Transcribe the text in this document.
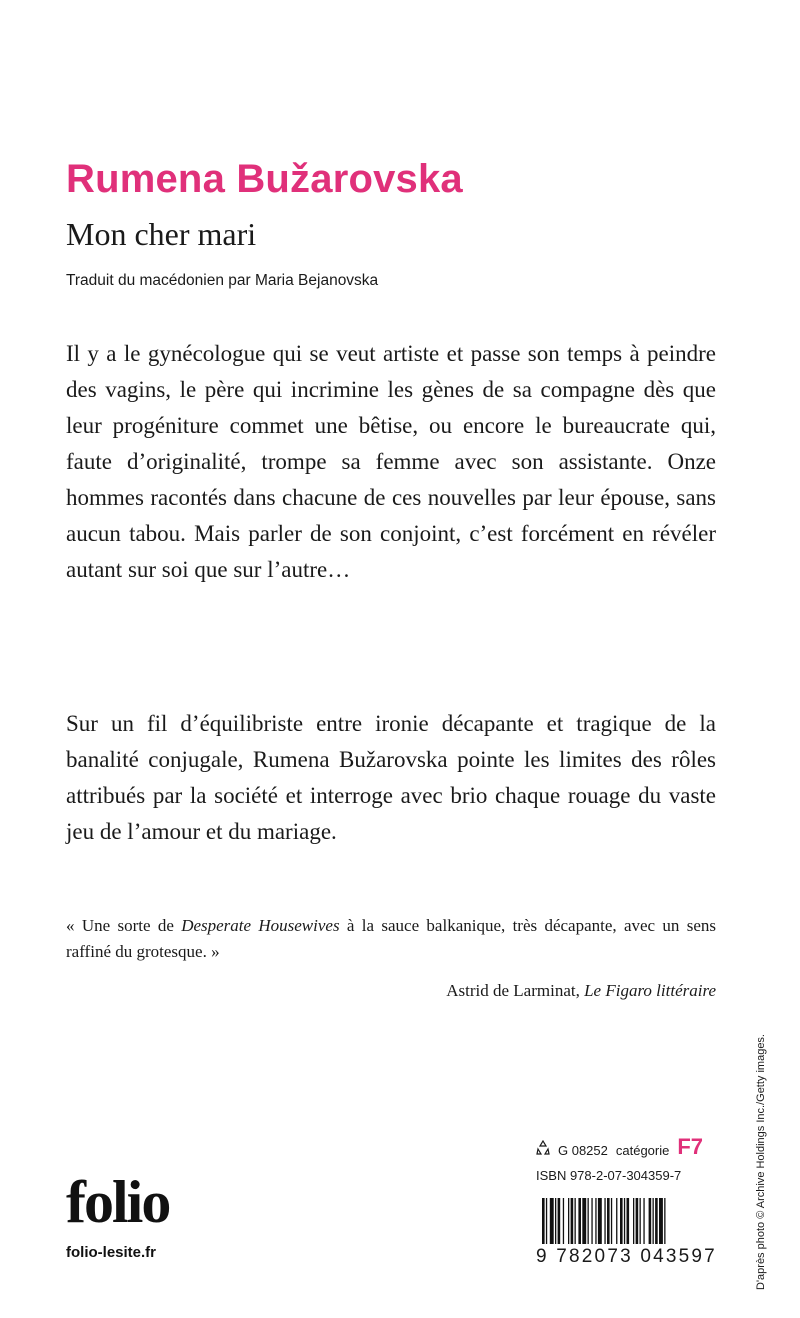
Rumena Bužarovska
Mon cher mari
Traduit du macédonien par Maria Bejanovska

Il y a le gynécologue qui se veut artiste et passe son temps à peindre des vagins, le père qui incrimine les gènes de sa compagne dès que leur progéniture commet une bêtise, ou encore le bureaucrate qui, faute d’originalité, trompe sa femme avec son assistante. Onze hommes racontés dans chacune de ces nouvelles par leur épouse, sans aucun tabou. Mais parler de son conjoint, c’est forcément en révéler autant sur soi que sur l’autre…

Sur un fil d’équilibriste entre ironie décapante et tragique de la banalité conjugale, Rumena Bužarovska pointe les limites des rôles attribués par la société et interroge avec brio chaque rouage du vaste jeu de l’amour et du mariage.

« Une sorte de Desperate Housewives à la sauce balkanique, très décapante, avec un sens raffiné du grotesque. »

Astrid de Larminat, Le Figaro littéraire
D'après photo © Archive Holdings Inc./Getty images.
folio
folio-lesite.fr
G 08252 catégorie F7
ISBN 978-2-07-304359-7
9 782073 043597
